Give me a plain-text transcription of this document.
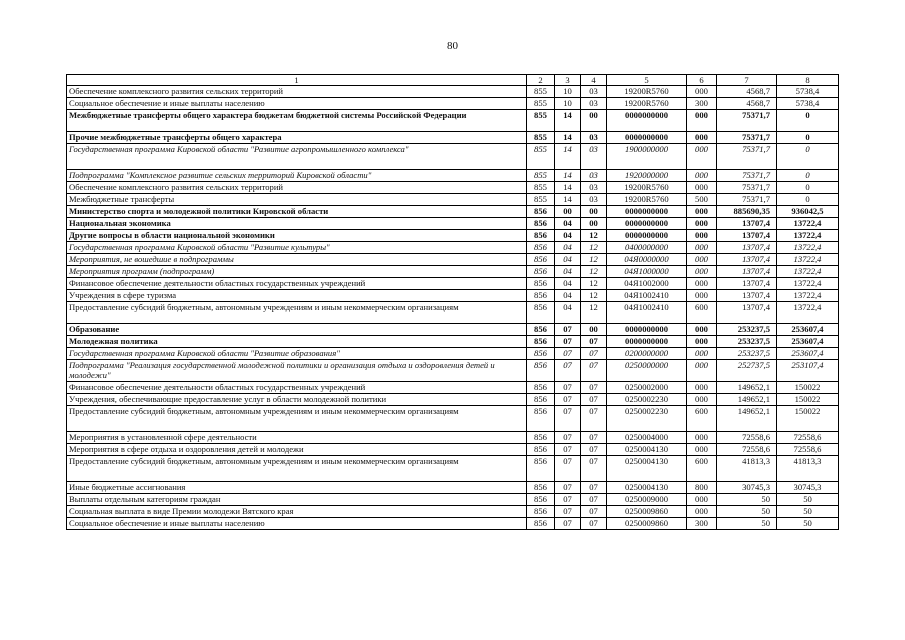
80
1	2	3	4	5	6	7	8
Обеспечение комплексного развития сельских территорий	855	10	03	19200R5760	000	4568,7	5738,4
Социальное обеспечение и иные выплаты населению	855	10	03	19200R5760	300	4568,7	5738,4
Межбюджетные трансферты общего характера бюджетам бюджетной системы Российской Федерации	855	14	00	0000000000	000	75371,7	0
Прочие межбюджетные трансферты общего характера	855	14	03	0000000000	000	75371,7	0
Государственная программа Кировской области "Развитие агропромышленного комплекса"	855	14	03	1900000000	000	75371,7	0
Подпрограмма "Комплексное развитие сельских территорий Кировской области"	855	14	03	1920000000	000	75371,7	0
Обеспечение комплексного развития сельских территорий	855	14	03	19200R5760	000	75371,7	0
Межбюджетные трансферты	855	14	03	19200R5760	500	75371,7	0
Министерство спорта и молодежной политики Кировской области	856	00	00	0000000000	000	885690,35	936042,5
Национальная экономика	856	04	00	0000000000	000	13707,4	13722,4
Другие вопросы в области национальной экономики	856	04	12	0000000000	000	13707,4	13722,4
Государственная программа Кировской области "Развитие культуры"	856	04	12	0400000000	000	13707,4	13722,4
Мероприятия, не вошедшие в подпрограммы	856	04	12	04Я0000000	000	13707,4	13722,4
Мероприятия программ (подпрограмм)	856	04	12	04Я1000000	000	13707,4	13722,4
Финансовое обеспечение деятельности областных государственных учреждений	856	04	12	04Я1002000	000	13707,4	13722,4
Учреждения в сфере туризма	856	04	12	04Я1002410	000	13707,4	13722,4
Предоставление субсидий бюджетным, автономным учреждениям и иным некоммерческим организациям	856	04	12	04Я1002410	600	13707,4	13722,4
Образование	856	07	00	0000000000	000	253237,5	253607,4
Молодежная политика	856	07	07	0000000000	000	253237,5	253607,4
Государственная программа Кировской области "Развитие образования"	856	07	07	0200000000	000	253237,5	253607,4
Подпрограмма "Реализация государственной молодежной политики и организация отдыха и оздоровления детей и молодежи"	856	07	07	0250000000	000	252737,5	253107,4
Финансовое обеспечение деятельности областных государственных учреждений	856	07	07	0250002000	000	149652,1	150022
Учреждения, обеспечивающие предоставление услуг в области молодежной политики	856	07	07	0250002230	000	149652,1	150022
Предоставление субсидий бюджетным, автономным учреждениям и иным некоммерческим организациям	856	07	07	0250002230	600	149652,1	150022
Мероприятия в установленной сфере деятельности	856	07	07	0250004000	000	72558,6	72558,6
Мероприятия в сфере отдыха и оздоровления детей и молодежи	856	07	07	0250004130	000	72558,6	72558,6
Предоставление субсидий бюджетным, автономным учреждениям и иным некоммерческим организациям	856	07	07	0250004130	600	41813,3	41813,3
Иные бюджетные ассигнования	856	07	07	0250004130	800	30745,3	30745,3
Выплаты отдельным категориям граждан	856	07	07	0250009000	000	50	50
Социальная выплата в виде Премии молодежи Вятского края	856	07	07	0250009860	000	50	50
Социальное обеспечение и иные выплаты населению	856	07	07	0250009860	300	50	50
